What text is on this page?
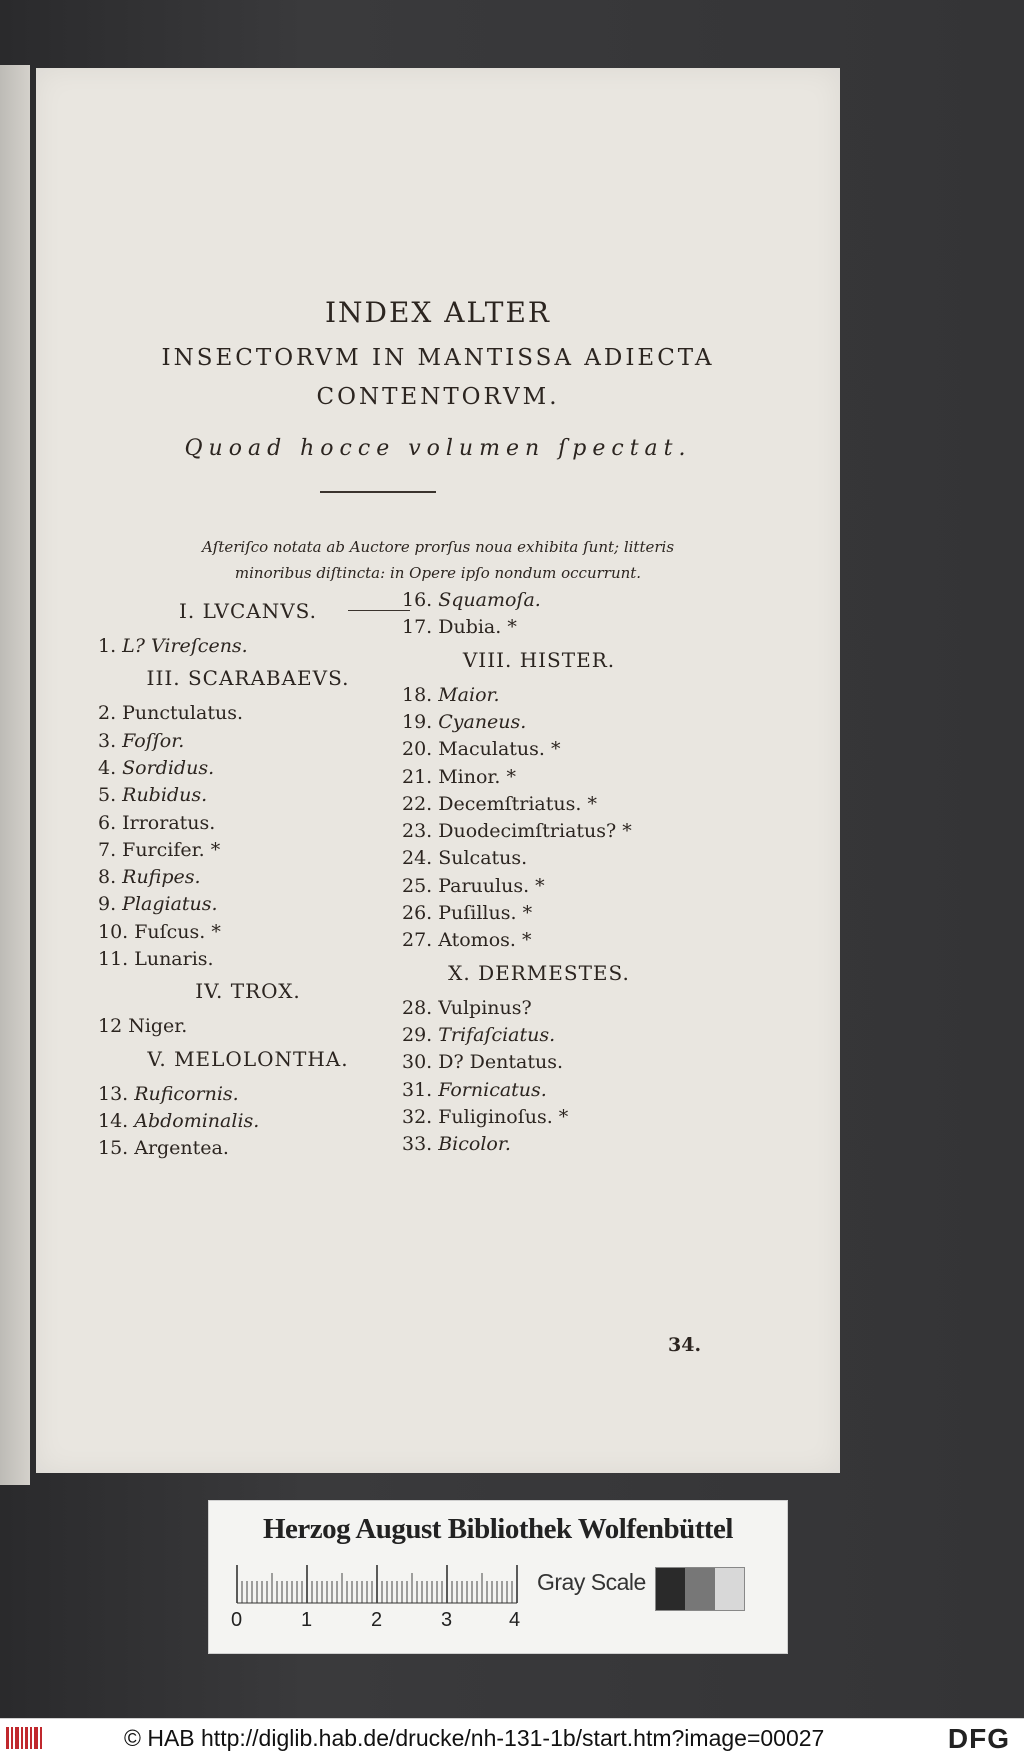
INDEX ALTER
INSECTORVM IN MANTISSA ADIECTA
CONTENTORVM.
Quoad hocce volumen ſpectat.
Aſteriſco notata ab Auctore prorſus noua exhibita ſunt; litteris
minoribus diſtincta: in Opere ipſo nondum occurrunt.
34.
I. LVCANVS.
1. L? Vireſcens.
III. SCARABAEVS.
2. Punctulatus.
3. Foſſor.
4. Sordidus.
5. Rubidus.
6. Irroratus.
7. Furcifer. *
8. Rufipes.
9. Plagiatus.
10. Fuſcus. *
11. Lunaris.
IV. TROX.
12 Niger.
V. MELOLONTHA.
13. Ruficornis.
14. Abdominalis.
15. Argentea.
16. Squamoſa.
17. Dubia. *
VIII. HISTER.
18. Maior.
19. Cyaneus.
20. Maculatus. *
21. Minor. *
22. Decemſtriatus. *
23. Duodecimſtriatus? *
24. Sulcatus.
25. Paruulus. *
26. Puſillus. *
27. Atomos. *
X. DERMESTES.
28. Vulpinus?
29. Trifaſciatus.
30. D? Dentatus.
31. Fornicatus.
32. Fuliginoſus. *
33. Bicolor.
Herzog August Bibliothek Wolfenbüttel
0	1	2	3	4
Gray Scale
© HAB http://diglib.hab.de/drucke/nh-131-1b/start.htm?image=00027	DFG
